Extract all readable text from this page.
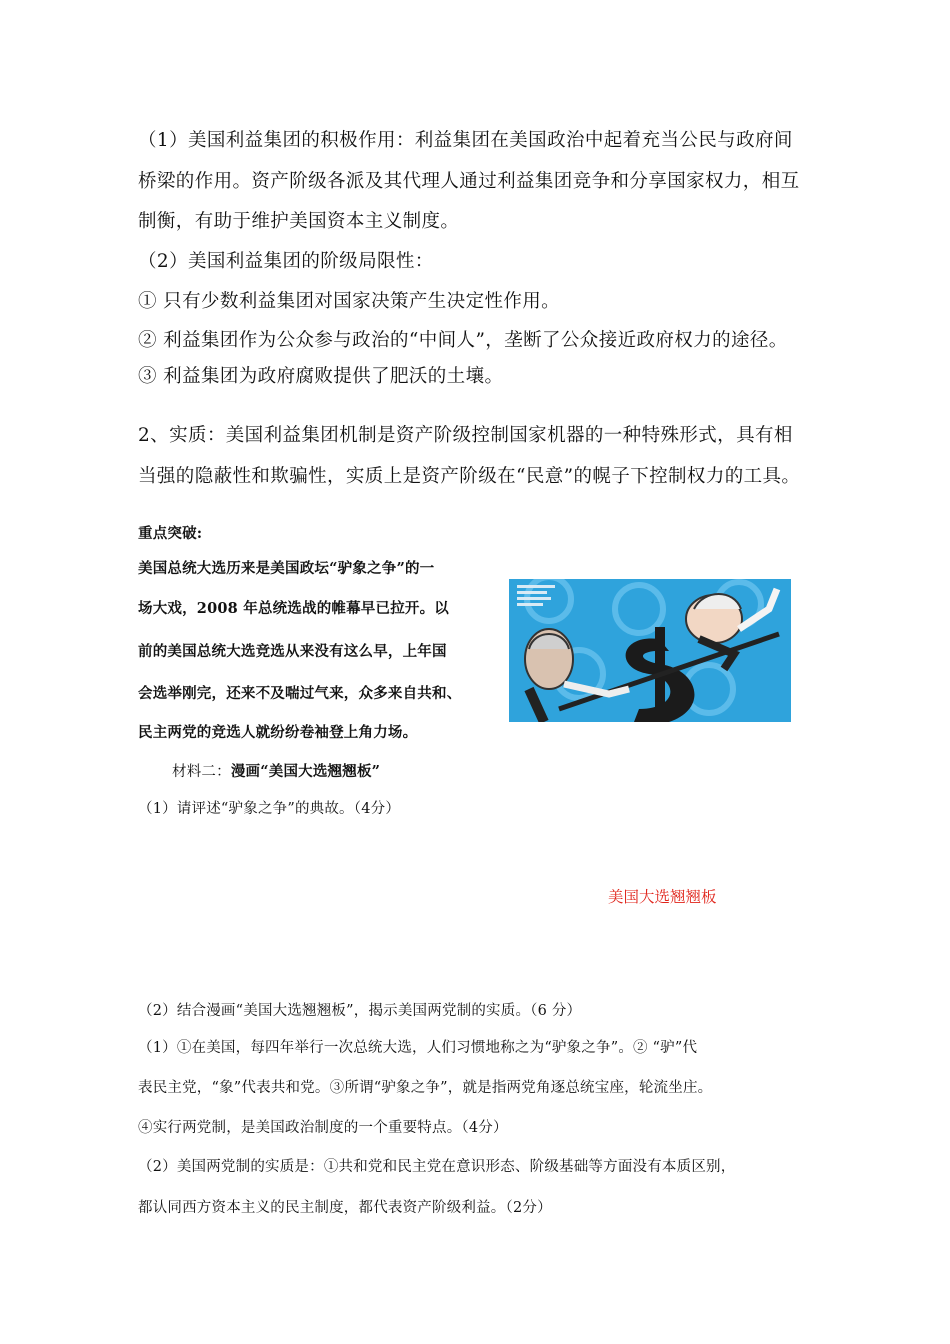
（1）美国利益集团的积极作用：利益集团在美国政治中起着充当公民与政府间
桥梁的作用。资产阶级各派及其代理人通过利益集团竞争和分享国家权力，相互
制衡，有助于维护美国资本主义制度。
（2）美国利益集团的阶级局限性：
① 只有少数利益集团对国家决策产生决定性作用。
② 利益集团作为公众参与政治的“中间人”，垄断了公众接近政府权力的途径。
③ 利益集团为政府腐败提供了肥沃的土壤。
2、实质：美国利益集团机制是资产阶级控制国家机器的一种特殊形式，具有相
当强的隐蔽性和欺骗性，实质上是资产阶级在“民意”的幌子下控制权力的工具。
重点突破:
美国总统大选历来是美国政坛“驴象之争”的一
场大戏，2008 年总统选战的帷幕早已拉开。以
前的美国总统大选竞选从来没有这么早，上年国
会选举刚完，还来不及喘过气来，众多来自共和、
民主两党的竞选人就纷纷卷袖登上角力场。
材料二：漫画“美国大选翘翘板”
（1）请评述“驴象之争”的典故。（4分）
美国大选翘翘板
（2）结合漫画“美国大选翘翘板”，揭示美国两党制的实质。（6 分）
（1）①在美国，每四年举行一次总统大选，人们习惯地称之为“驴象之争”。② “驴”代
表民主党，“象”代表共和党。③所谓“驴象之争”，就是指两党角逐总统宝座，轮流坐庄。
④实行两党制，是美国政治制度的一个重要特点。（4分）
（2）美国两党制的实质是：①共和党和民主党在意识形态、阶级基础等方面没有本质区别，
都认同西方资本主义的民主制度，都代表资产阶级利益。（2分）
